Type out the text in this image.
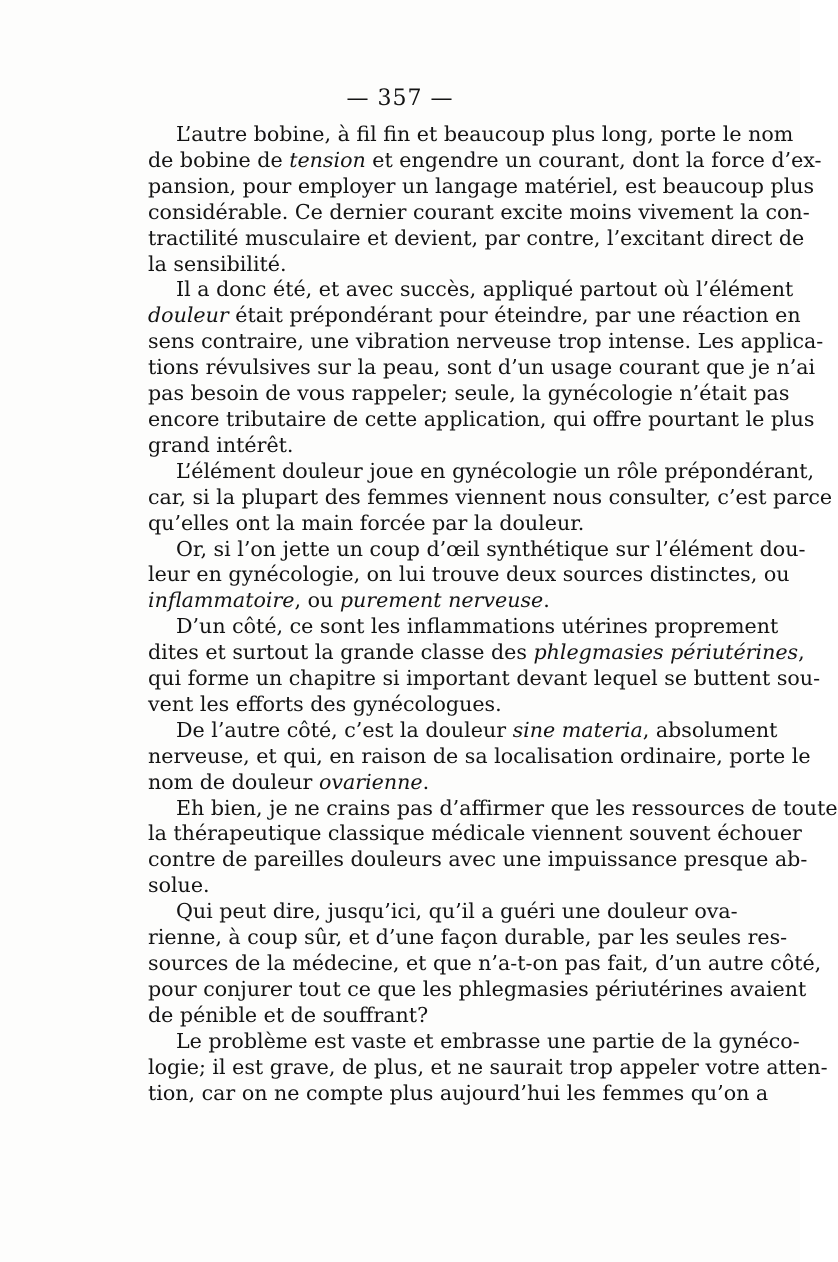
— 357 —

L’autre bobine, à fil fin et beaucoup plus long, porte le nom
de bobine de tension et engendre un courant, dont la force d’ex-
pansion, pour employer un langage matériel, est beaucoup plus
considérable. Ce dernier courant excite moins vivement la con-
tractilité musculaire et devient, par contre, l’excitant direct de
la sensibilité.

Il a donc été, et avec succès, appliqué partout où l’élément
douleur était prépondérant pour éteindre, par une réaction en
sens contraire, une vibration nerveuse trop intense. Les applica-
tions révulsives sur la peau, sont d’un usage courant que je n’ai
pas besoin de vous rappeler; seule, la gynécologie n’était pas
encore tributaire de cette application, qui offre pourtant le plus
grand intérêt.

L’élément douleur joue en gynécologie un rôle prépondérant,
car, si la plupart des femmes viennent nous consulter, c’est parce
qu’elles ont la main forcée par la douleur.

Or, si l’on jette un coup d’œil synthétique sur l’élément dou-
leur en gynécologie, on lui trouve deux sources distinctes, ou
inflammatoire, ou purement nerveuse.

D’un côté, ce sont les inflammations utérines proprement
dites et surtout la grande classe des phlegmasies périutérines,
qui forme un chapitre si important devant lequel se buttent sou-
vent les efforts des gynécologues.

De l’autre côté, c’est la douleur sine materia, absolument
nerveuse, et qui, en raison de sa localisation ordinaire, porte le
nom de douleur ovarienne.

Eh bien, je ne crains pas d’affirmer que les ressources de toute
la thérapeutique classique médicale viennent souvent échouer
contre de pareilles douleurs avec une impuissance presque ab-
solue.

Qui peut dire, jusqu’ici, qu’il a guéri une douleur ova-
rienne, à coup sûr, et d’une façon durable, par les seules res-
sources de la médecine, et que n’a-t-on pas fait, d’un autre côté,
pour conjurer tout ce que les phlegmasies périutérines avaient
de pénible et de souffrant?

Le problème est vaste et embrasse une partie de la gynéco-
logie; il est grave, de plus, et ne saurait trop appeler votre atten-
tion, car on ne compte plus aujourd’hui les femmes qu’on a
